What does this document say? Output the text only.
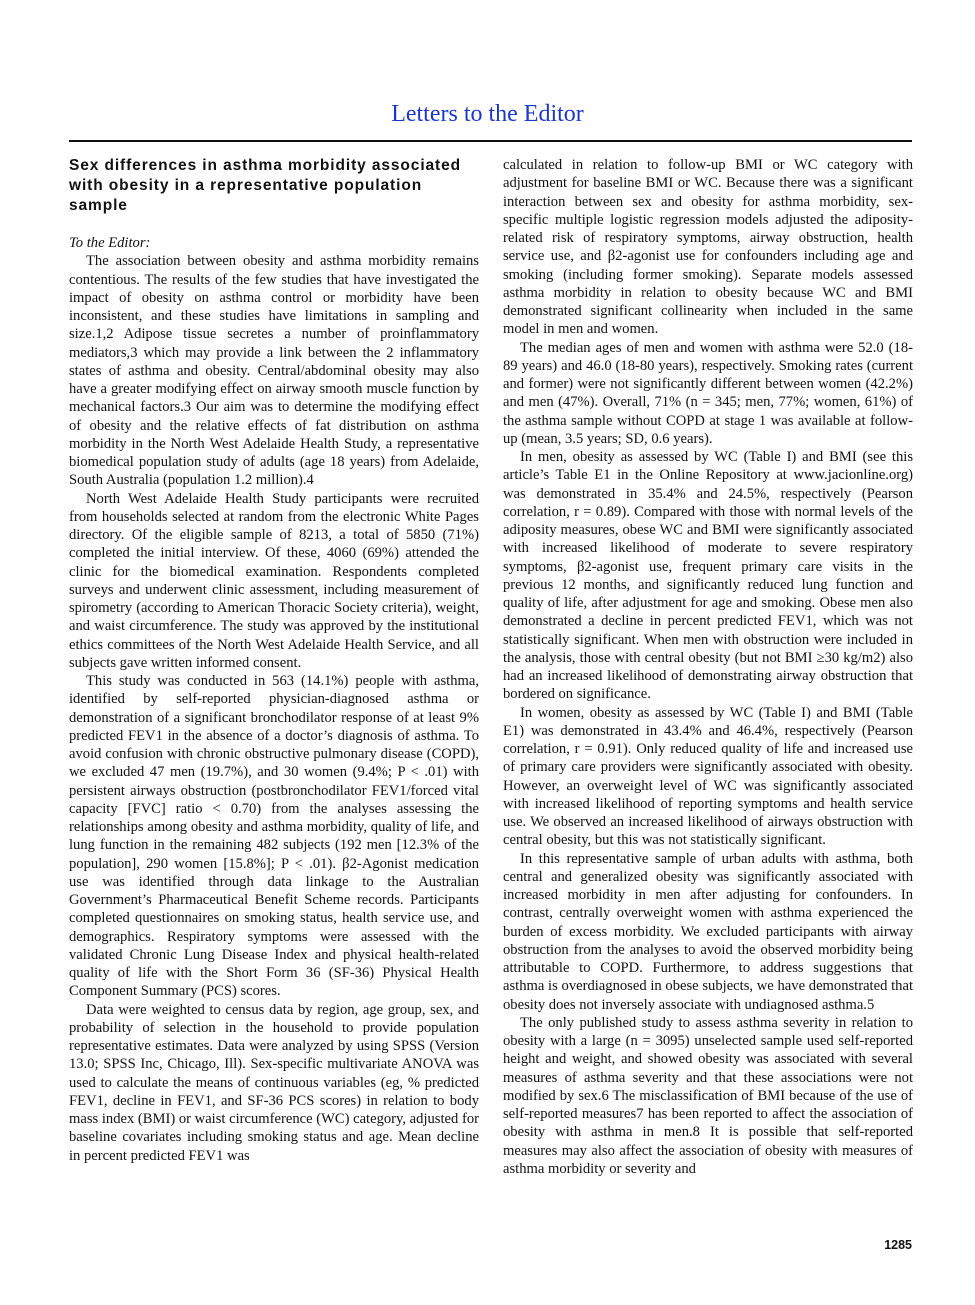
Letters to the Editor
Sex differences in asthma morbidity associated with obesity in a representative population sample

To the Editor:

The association between obesity and asthma morbidity remains contentious. The results of the few studies that have investigated the impact of obesity on asthma control or morbidity have been inconsistent, and these studies have limitations in sampling and size.1,2 Adipose tissue secretes a number of proinflammatory mediators,3 which may provide a link between the 2 inflammatory states of asthma and obesity. Central/abdominal obesity may also have a greater modifying effect on airway smooth muscle function by mechanical factors.3 Our aim was to determine the modifying effect of obesity and the relative effects of fat distribution on asthma morbidity in the North West Adelaide Health Study, a representative biomedical population study of adults (age 18 years) from Adelaide, South Australia (population 1.2 million).4

North West Adelaide Health Study participants were recruited from households selected at random from the electronic White Pages directory. Of the eligible sample of 8213, a total of 5850 (71%) completed the initial interview. Of these, 4060 (69%) attended the clinic for the biomedical examination. Respondents completed surveys and underwent clinic assessment, including measurement of spirometry (according to American Thoracic Society criteria), weight, and waist circumference. The study was approved by the institutional ethics committees of the North West Adelaide Health Service, and all subjects gave written informed consent.

This study was conducted in 563 (14.1%) people with asthma, identified by self-reported physician-diagnosed asthma or demonstration of a significant bronchodilator response of at least 9% predicted FEV1 in the absence of a doctor’s diagnosis of asthma. To avoid confusion with chronic obstructive pulmonary disease (COPD), we excluded 47 men (19.7%), and 30 women (9.4%; P < .01) with persistent airways obstruction (postbronchodilator FEV1/forced vital capacity [FVC] ratio < 0.70) from the analyses assessing the relationships among obesity and asthma morbidity, quality of life, and lung function in the remaining 482 subjects (192 men [12.3% of the population], 290 women [15.8%]; P < .01). β2-Agonist medication use was identified through data linkage to the Australian Government’s Pharmaceutical Benefit Scheme records. Participants completed questionnaires on smoking status, health service use, and demographics. Respiratory symptoms were assessed with the validated Chronic Lung Disease Index and physical health-related quality of life with the Short Form 36 (SF-36) Physical Health Component Summary (PCS) scores.

Data were weighted to census data by region, age group, sex, and probability of selection in the household to provide population representative estimates. Data were analyzed by using SPSS (Version 13.0; SPSS Inc, Chicago, Ill). Sex-specific multivariate ANOVA was used to calculate the means of continuous variables (eg, % predicted FEV1, decline in FEV1, and SF-36 PCS scores) in relation to body mass index (BMI) or waist circumference (WC) category, adjusted for baseline covariates including smoking status and age. Mean decline in percent predicted FEV1 was

calculated in relation to follow-up BMI or WC category with adjustment for baseline BMI or WC. Because there was a significant interaction between sex and obesity for asthma morbidity, sex-specific multiple logistic regression models adjusted the adiposity-related risk of respiratory symptoms, airway obstruction, health service use, and β2-agonist use for confounders including age and smoking (including former smoking). Separate models assessed asthma morbidity in relation to obesity because WC and BMI demonstrated significant collinearity when included in the same model in men and women.

The median ages of men and women with asthma were 52.0 (18-89 years) and 46.0 (18-80 years), respectively. Smoking rates (current and former) were not significantly different between women (42.2%) and men (47%). Overall, 71% (n = 345; men, 77%; women, 61%) of the asthma sample without COPD at stage 1 was available at follow-up (mean, 3.5 years; SD, 0.6 years).

In men, obesity as assessed by WC (Table I) and BMI (see this article’s Table E1 in the Online Repository at www.jacionline.org) was demonstrated in 35.4% and 24.5%, respectively (Pearson correlation, r = 0.89). Compared with those with normal levels of the adiposity measures, obese WC and BMI were significantly associated with increased likelihood of moderate to severe respiratory symptoms, β2-agonist use, frequent primary care visits in the previous 12 months, and significantly reduced lung function and quality of life, after adjustment for age and smoking. Obese men also demonstrated a decline in percent predicted FEV1, which was not statistically significant. When men with obstruction were included in the analysis, those with central obesity (but not BMI ≥30 kg/m2) also had an increased likelihood of demonstrating airway obstruction that bordered on significance.

In women, obesity as assessed by WC (Table I) and BMI (Table E1) was demonstrated in 43.4% and 46.4%, respectively (Pearson correlation, r = 0.91). Only reduced quality of life and increased use of primary care providers were significantly associated with obesity. However, an overweight level of WC was significantly associated with increased likelihood of reporting symptoms and health service use. We observed an increased likelihood of airways obstruction with central obesity, but this was not statistically significant.

In this representative sample of urban adults with asthma, both central and generalized obesity was significantly associated with increased morbidity in men after adjusting for confounders. In contrast, centrally overweight women with asthma experienced the burden of excess morbidity. We excluded participants with airway obstruction from the analyses to avoid the observed morbidity being attributable to COPD. Furthermore, to address suggestions that asthma is overdiagnosed in obese subjects, we have demonstrated that obesity does not inversely associate with undiagnosed asthma.5

The only published study to assess asthma severity in relation to obesity with a large (n = 3095) unselected sample used self-reported height and weight, and showed obesity was associated with several measures of asthma severity and that these associations were not modified by sex.6 The misclassification of BMI because of the use of self-reported measures7 has been reported to affect the association of obesity with asthma in men.8 It is possible that self-reported measures may also affect the association of obesity with measures of asthma morbidity or severity and

1285
